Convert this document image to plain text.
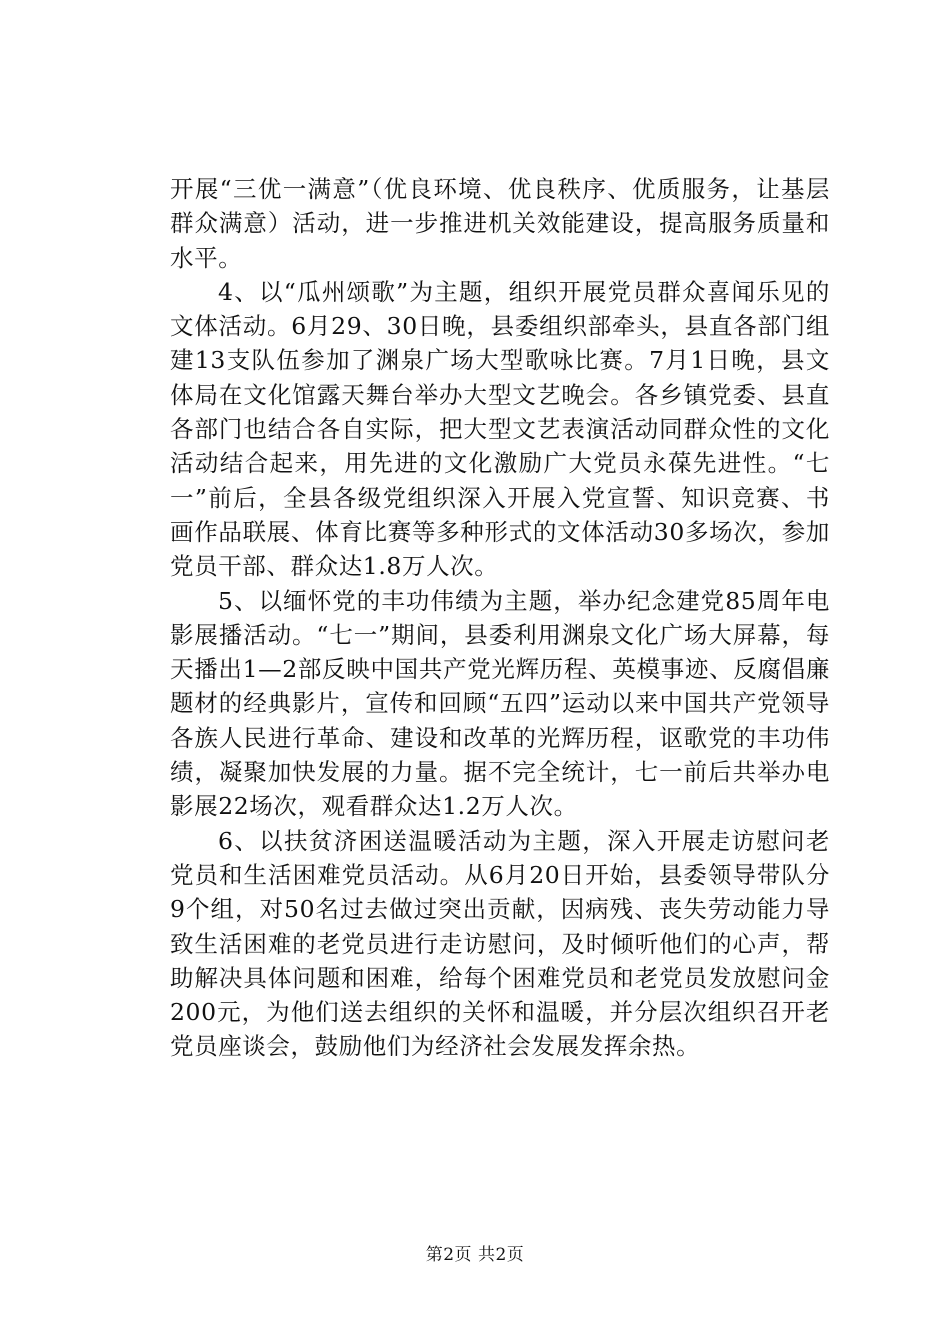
开展“三优一满意”（优良环境、优良秩序、优质服务，让基层群众满意）活动，进一步推进机关效能建设，提高服务质量和水平。

4、以“瓜州颂歌”为主题，组织开展党员群众喜闻乐见的文体活动。6月29、30日晚，县委组织部牵头，县直各部门组建13支队伍参加了渊泉广场大型歌咏比赛。7月1日晚，县文体局在文化馆露天舞台举办大型文艺晚会。各乡镇党委、县直各部门也结合各自实际，把大型文艺表演活动同群众性的文化活动结合起来，用先进的文化激励广大党员永葆先进性。“七一”前后，全县各级党组织深入开展入党宣誓、知识竞赛、书画作品联展、体育比赛等多种形式的文体活动30多场次，参加党员干部、群众达1.8万人次。

5、以缅怀党的丰功伟绩为主题，举办纪念建党85周年电影展播活动。“七一”期间，县委利用渊泉文化广场大屏幕，每天播出1—2部反映中国共产党光辉历程、英模事迹、反腐倡廉题材的经典影片，宣传和回顾“五四”运动以来中国共产党领导各族人民进行革命、建设和改革的光辉历程，讴歌党的丰功伟绩，凝聚加快发展的力量。据不完全统计，七一前后共举办电影展22场次，观看群众达1.2万人次。

6、以扶贫济困送温暖活动为主题，深入开展走访慰问老党员和生活困难党员活动。从6月20日开始，县委领导带队分9个组，对50名过去做过突出贡献，因病残、丧失劳动能力导致生活困难的老党员进行走访慰问，及时倾听他们的心声，帮助解决具体问题和困难，给每个困难党员和老党员发放慰问金200元，为他们送去组织的关怀和温暖，并分层次组织召开老党员座谈会，鼓励他们为经济社会发展发挥余热。

第2页 共2页
